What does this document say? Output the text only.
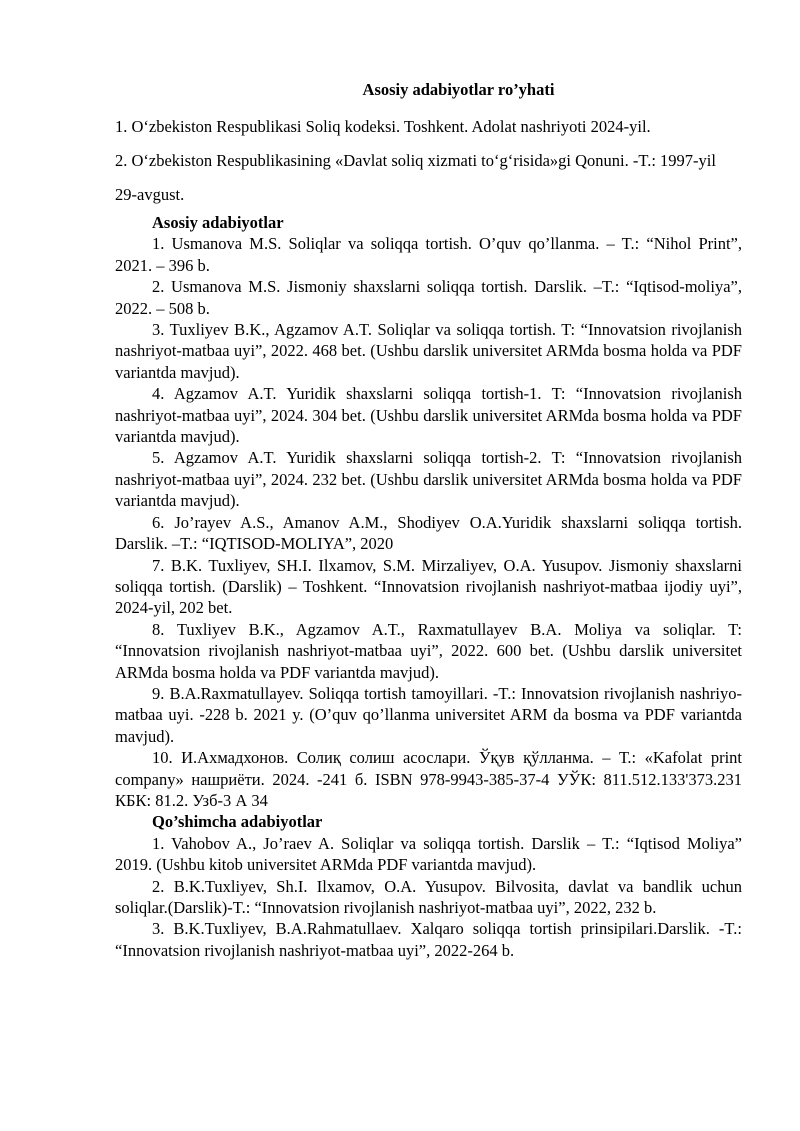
Asosiy adabiyotlar ro’yhati

1. O‘zbekiston Respublikasi Soliq kodeksi. Toshkent. Adolat nashriyoti 2024-yil.

2. O‘zbekiston Respublikasining «Davlat soliq xizmati to‘g‘risida»gi Qonuni. -T.: 1997-yil 29-avgust.

Asosiy adabiyotlar

1. Usmanova M.S. Soliqlar va soliqqa tortish. O’quv qo’llanma. – T.: “Nihol Print”, 2021. – 396 b.

2. Usmanova M.S. Jismoniy shaxslarni soliqqa tortish. Darslik. –T.: “Iqtisod-moliya”, 2022. – 508 b.

3. Tuxliyev B.K., Agzamov A.T. Soliqlar va soliqqa tortish. T: “Innovatsion rivojlanish nashriyot-matbaa uyi”, 2022. 468 bet. (Ushbu darslik universitet ARMda bosma holda va PDF variantda mavjud).

4. Agzamov A.T. Yuridik shaxslarni soliqqa tortish-1. T: “Innovatsion rivojlanish nashriyot-matbaa uyi”, 2024. 304 bet. (Ushbu darslik universitet ARMda bosma holda va PDF variantda mavjud).

5. Agzamov A.T. Yuridik shaxslarni soliqqa tortish-2. T: “Innovatsion rivojlanish nashriyot-matbaa uyi”, 2024. 232 bet. (Ushbu darslik universitet ARMda bosma holda va PDF variantda mavjud).

6. Jo’rayev A.S., Amanov A.M., Shodiyev O.A.Yuridik shaxslarni soliqqa tortish. Darslik. –T.: “IQTISOD-MOLIYA”, 2020

7. B.K. Tuxliyev, SH.I. Ilxamov, S.M. Mirzaliyev, O.A. Yusupov. Jismoniy shaxslarni soliqqa tortish. (Darslik) – Toshkent. “Innovatsion rivojlanish nashriyot-matbaa ijodiy uyi”, 2024-yil, 202 bet.

8. Tuxliyev B.K., Agzamov A.T., Raxmatullayev B.A. Moliya va soliqlar. T: “Innovatsion rivojlanish nashriyot-matbaa uyi”, 2022. 600 bet. (Ushbu darslik universitet ARMda bosma holda va PDF variantda mavjud).

9. B.A.Raxmatullayev. Soliqqa tortish tamoyillari. -T.: Innovatsion rivojlanish nashriyo-matbaa uyi. -228 b. 2021 y. (O’quv qo’llanma universitet ARM da bosma va PDF variantda mavjud).

10. И.Ахмадхонов. Солиқ солиш асослари. Ўқув қўлланма. – Т.: «Kafolat print company» нашриёти. 2024. -241 б. ISBN 978-9943-385-37-4 УЎК: 811.512.133'373.231 КБК: 81.2. Узб-3 А 34

Qo’shimcha adabiyotlar

1. Vahobov A., Jo’raev A. Soliqlar va soliqqa tortish. Darslik – T.: “Iqtisod Moliya” 2019. (Ushbu kitob universitet ARMda PDF variantda mavjud).

2. B.K.Tuxliyev, Sh.I. Ilxamov, O.A. Yusupov. Bilvosita, davlat va bandlik uchun soliqlar.(Darslik)-T.: “Innovatsion rivojlanish nashriyot-matbaa uyi”, 2022, 232 b.

3. B.K.Tuxliyev, B.A.Rahmatullaev. Xalqaro soliqqa tortish prinsipilari.Darslik. -T.: “Innovatsion rivojlanish nashriyot-matbaa uyi”, 2022-264 b.
